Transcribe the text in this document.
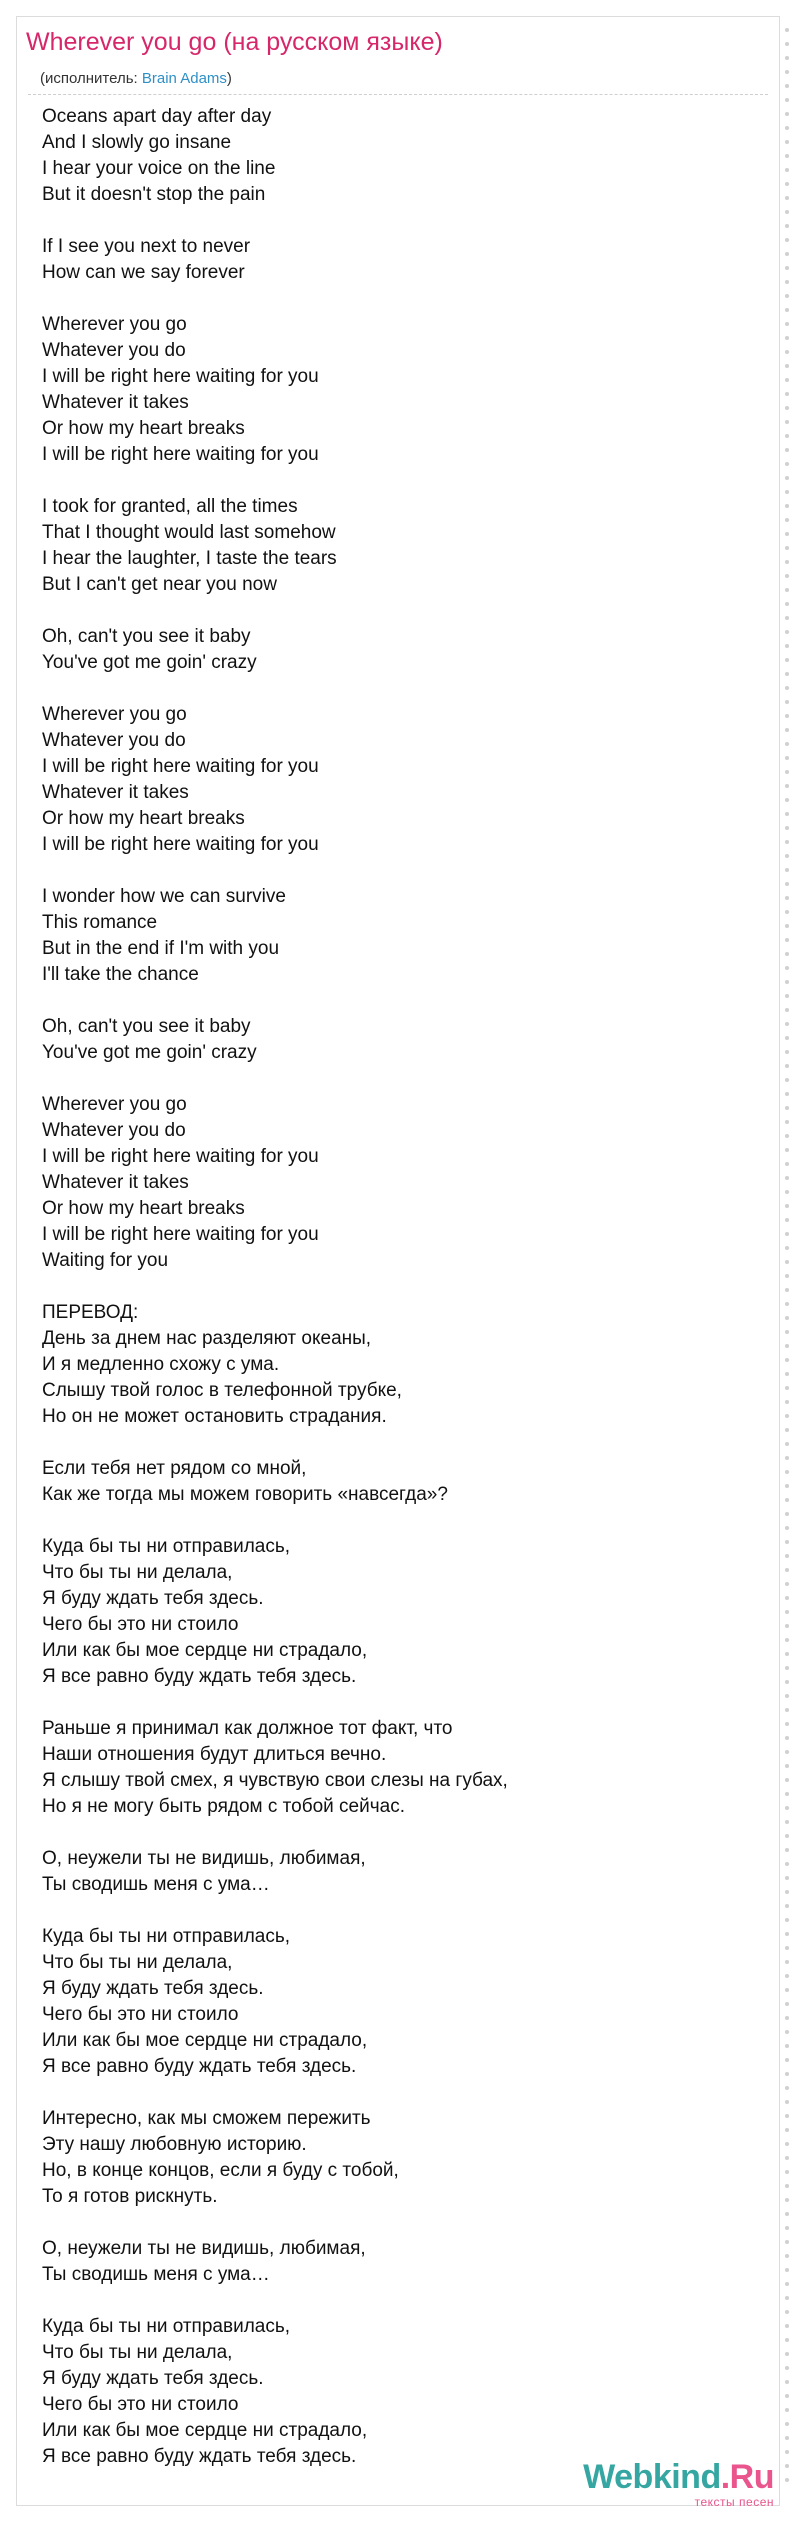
Wherever you go (на русском языке)
(исполнитель: Brain Adams)
Oceans apart day after day
And I slowly go insane
I hear your voice on the line
But it doesn't stop the pain
If I see you next to never
How can we say forever
Wherever you go
Whatever you do
I will be right here waiting for you
Whatever it takes
Or how my heart breaks
I will be right here waiting for you
I took for granted, all the times
That I thought would last somehow
I hear the laughter, I taste the tears
But I can't get near you now
Oh, can't you see it baby
You've got me goin' crazy
Wherever you go
Whatever you do
I will be right here waiting for you
Whatever it takes
Or how my heart breaks
I will be right here waiting for you
I wonder how we can survive
This romance
But in the end if I'm with you
I'll take the chance
Oh, can't you see it baby
You've got me goin' crazy
Wherever you go
Whatever you do
I will be right here waiting for you
Whatever it takes
Or how my heart breaks
I will be right here waiting for you
Waiting for you
ПЕРЕВОД:
День за днем нас разделяют океаны,
И я медленно схожу с ума.
Слышу твой голос в телефонной трубке,
Но он не может остановить страдания.
Если тебя нет рядом со мной,
Как же тогда мы можем говорить «навсегда»?
Куда бы ты ни отправилась,
Что бы ты ни делала,
Я буду ждать тебя здесь.
Чего бы это ни стоило
Или как бы мое сердце ни страдало,
Я все равно буду ждать тебя здесь.
Раньше я принимал как должное тот факт, что
Наши отношения будут длиться вечно.
Я слышу твой смех, я чувствую свои слезы на губах,
Но я не могу быть рядом с тобой сейчас.
О, неужели ты не видишь, любимая,
Ты сводишь меня с ума…
Куда бы ты ни отправилась,
Что бы ты ни делала,
Я буду ждать тебя здесь.
Чего бы это ни стоило
Или как бы мое сердце ни страдало,
Я все равно буду ждать тебя здесь.
Интересно, как мы сможем пережить
Эту нашу любовную историю.
Но, в конце концов, если я буду с тобой,
То я готов рискнуть.
О, неужели ты не видишь, любимая,
Ты сводишь меня с ума…
Куда бы ты ни отправилась,
Что бы ты ни делала,
Я буду ждать тебя здесь.
Чего бы это ни стоило
Или как бы мое сердце ни страдало,
Я все равно буду ждать тебя здесь.
Webkind.Ru
тексты песен
